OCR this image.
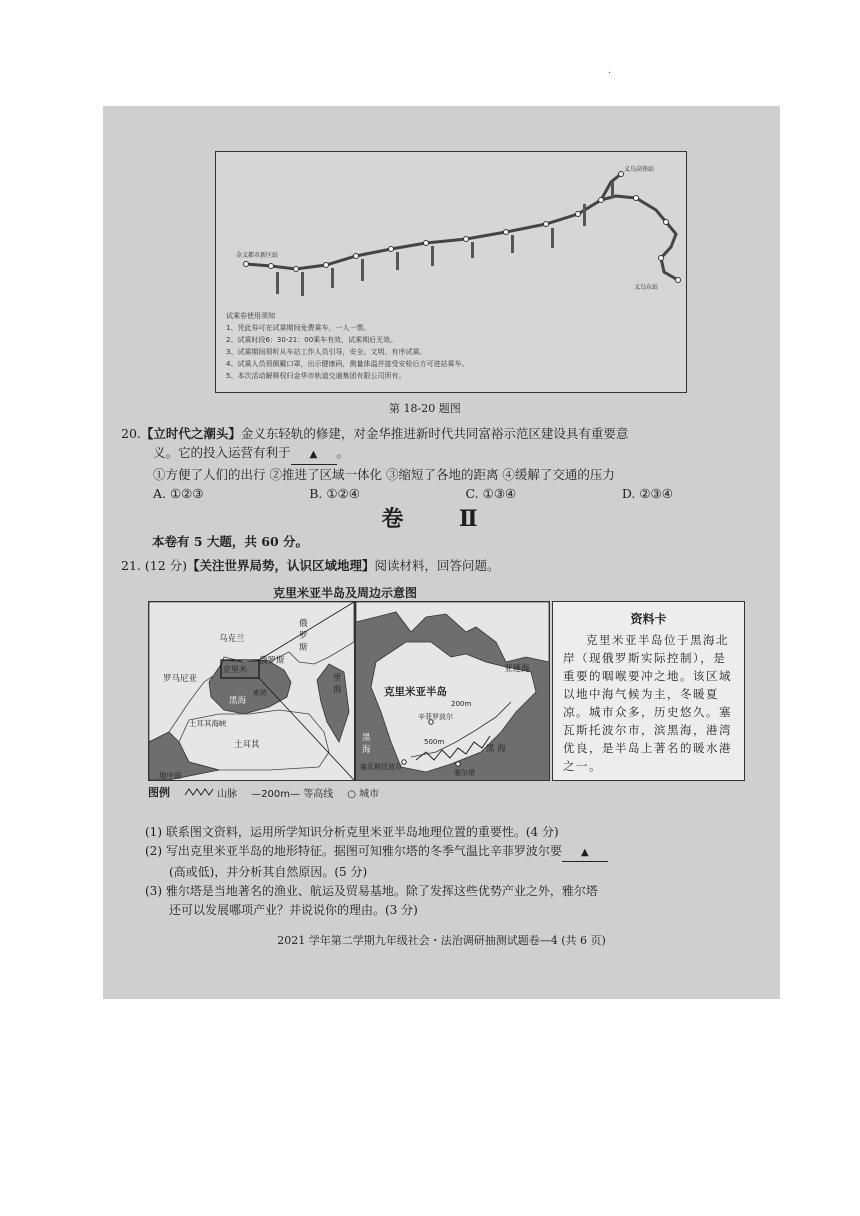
·
义乌高铁站
金义都市新区站
义乌东站
试乘券使用须知
1、凭此券可在试乘期间免费乘车，一人一票。
2、试乘时段6：30-21：00乘车有效，试乘期后无效。
3、试乘期间须听从车站工作人员引导，安全、文明、有序试乘。
4、试乘人员须佩戴口罩，出示健康码，测量体温并接受安检后方可进站乘车。
5、本次活动解释权归金华市轨道交通集团有限公司所有。
第 18-20 题图
20.【立时代之潮头】金义东轻轨的修建，对金华推进新时代共同富裕示范区建设具有重要意
义。它的投入运营有利于 ▲ 。
①方便了人们的出行 ②推进了区域一体化 ③缩短了各地的距离 ④缓解了交通的压力
A. ①②③	B. ①②④	C. ①③④	D. ②③④
卷 Ⅱ
本卷有 5 大题，共 60 分。
21. (12 分)【关注世界局势，认识区域地理】阅读材料，回答问题。
克里米亚半岛及周边示意图
乌克兰
罗马尼亚
克里米
俄罗斯
黑海
索契
土耳其海峡
土耳其
地中海
俄
罗
斯
里
海	克里米亚半岛
亚速海
200m
辛菲罗波尔
500m
黑
海
塞瓦斯托波尔
雅尔塔
黑 海
资料卡

克里米亚半岛位于黑海北岸（现俄罗斯实际控制），是重要的咽喉要冲之地。该区域以地中海气候为主，冬暖夏凉。城市众多，历史悠久。塞瓦斯托波尔市，滨黑海，港湾优良，是半岛上著名的暖水港之一。

图例	山脉 —200m— 等高线 ○ 城市
(1) 联系图文资料，运用所学知识分析克里米亚半岛地理位置的重要性。(4 分)
(2) 写出克里米亚半岛的地形特征。据图可知雅尔塔的冬季气温比辛菲罗波尔要 ▲
(高或低)，并分析其自然原因。(5 分)
(3) 雅尔塔是当地著名的渔业、航运及贸易基地。除了发挥这些优势产业之外，雅尔塔
还可以发展哪项产业？并说说你的理由。(3 分)
2021 学年第二学期九年级社会・法治调研抽测试题卷—4 (共 6 页)
